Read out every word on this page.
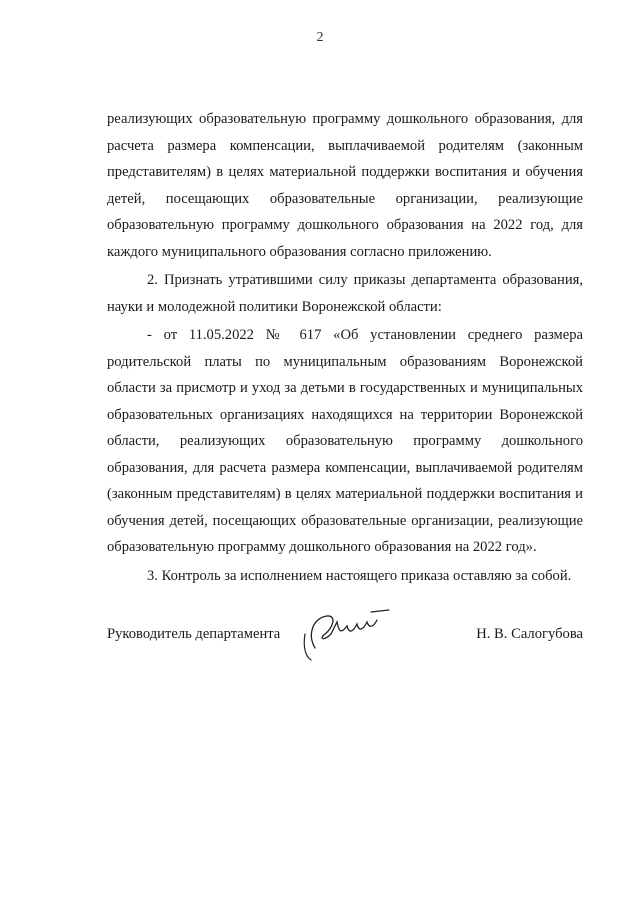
2

реализующих образовательную программу дошкольного образования, для расчета размера компенсации, выплачиваемой родителям (законным представителям) в целях материальной поддержки воспитания и обучения детей, посещающих образовательные организации, реализующие образовательную программу дошкольного образования на 2022 год, для каждого муниципального образования согласно приложению.

2. Признать утратившими силу приказы департамента образования, науки и молодежной политики Воронежской области:

- от 11.05.2022 № 617 «Об установлении среднего размера родительской платы по муниципальным образованиям Воронежской области за присмотр и уход за детьми в государственных и муниципальных образовательных организациях находящихся на территории Воронежской области, реализующих образовательную программу дошкольного образования, для расчета размера компенсации, выплачиваемой родителям (законным представителям) в целях материальной поддержки воспитания и обучения детей, посещающих образовательные организации, реализующие образовательную программу дошкольного образования на 2022 год».

3. Контроль за исполнением настоящего приказа оставляю за собой.

Руководитель департамента	Н. В. Салогубова
